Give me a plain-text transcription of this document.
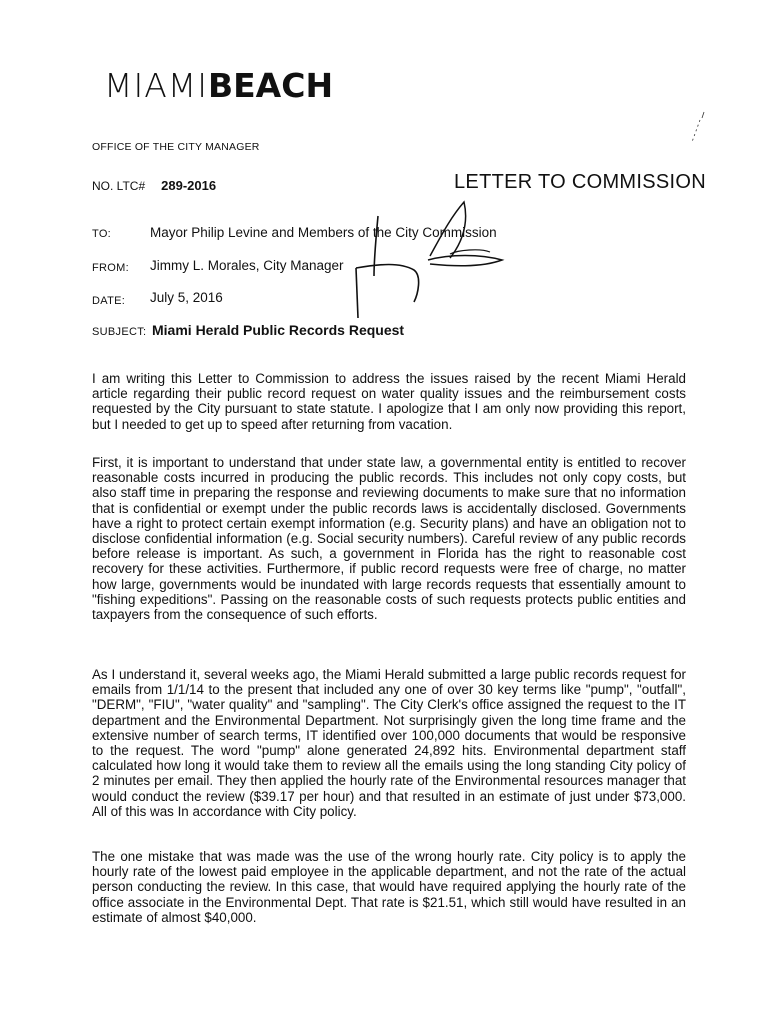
MIAMIBEACH
OFFICE OF THE CITY MANAGER
NO. LTC# 289-2016	LETTER TO COMMISSION
TO:	Mayor Philip Levine and Members of the City Commission
FROM: Jimmy L. Morales, City Manager
DATE: July 5, 2016
SUBJECT: Miami Herald Public Records Request

I am writing this Letter to Commission to address the issues raised by the recent Miami Herald article regarding their public record request on water quality issues and the reimbursement costs requested by the City pursuant to state statute. I apologize that I am only now providing this report, but I needed to get up to speed after returning from vacation.

First, it is important to understand that under state law, a governmental entity is entitled to recover reasonable costs incurred in producing the public records. This includes not only copy costs, but also staff time in preparing the response and reviewing documents to make sure that no information that is confidential or exempt under the public records laws is accidentally disclosed. Governments have a right to protect certain exempt information (e.g. Security plans) and have an obligation not to disclose confidential information (e.g. Social security numbers). Careful review of any public records before release is important. As such, a government in Florida has the right to reasonable cost recovery for these activities. Furthermore, if public record requests were free of charge, no matter how large, governments would be inundated with large records requests that essentially amount to "fishing expeditions". Passing on the reasonable costs of such requests protects public entities and taxpayers from the consequence of such efforts.

As I understand it, several weeks ago, the Miami Herald submitted a large public records request for emails from 1/1/14 to the present that included any one of over 30 key terms like "pump", "outfall", "DERM", "FIU", "water quality" and "sampling". The City Clerk's office assigned the request to the IT department and the Environmental Department. Not surprisingly given the long time frame and the extensive number of search terms, IT identified over 100,000 documents that would be responsive to the request. The word "pump" alone generated 24,892 hits. Environmental department staff calculated how long it would take them to review all the emails using the long standing City policy of 2 minutes per email. They then applied the hourly rate of the Environmental resources manager that would conduct the review ($39.17 per hour) and that resulted in an estimate of just under $73,000. All of this was In accordance with City policy.

The one mistake that was made was the use of the wrong hourly rate. City policy is to apply the hourly rate of the lowest paid employee in the applicable department, and not the rate of the actual person conducting the review. In this case, that would have required applying the hourly rate of the office associate in the Environmental Dept. That rate is $21.51, which still would have resulted in an estimate of almost $40,000.
